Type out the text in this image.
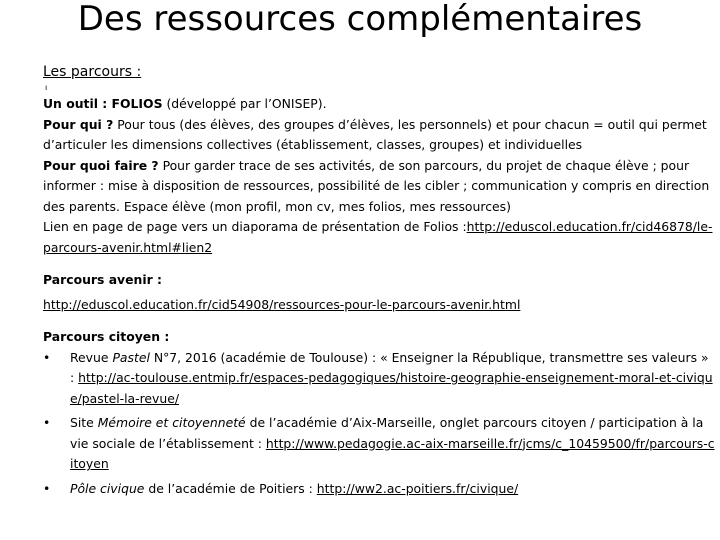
Des ressources complémentaires
Les parcours :
ı

Un outil : FOLIOS (développé par l’ONISEP).

Pour qui ? Pour tous (des élèves, des groupes d’élèves, les personnels) et pour chacun = outil qui permet d’articuler les dimensions collectives (établissement, classes, groupes) et individuelles

Pour quoi faire ? Pour garder trace de ses activités, de son parcours, du projet de chaque élève ; pour informer : mise à disposition de ressources, possibilité de les cibler ; communication y compris en direction des parents. Espace élève (mon profil, mon cv, mes folios, mes ressources)

Lien en page de page vers un diaporama de présentation de Folios :http://eduscol.education.fr/cid46878/le-parcours-avenir.html#lien2

Parcours avenir :

http://eduscol.education.fr/cid54908/ressources-pour-le-parcours-avenir.html

Parcours citoyen :

• Revue Pastel N°7, 2016 (académie de Toulouse) : « Enseigner la République, transmettre ses valeurs » : http://ac-toulouse.entmip.fr/espaces-pedagogiques/histoire-geographie-enseignement-moral-et-civique/pastel-la-revue/
• Site Mémoire et citoyenneté de l’académie d’Aix-Marseille, onglet parcours citoyen / participation à la vie sociale de l’établissement : http://www.pedagogie.ac-aix-marseille.fr/jcms/c_10459500/fr/parcours-citoyen
• Pôle civique de l’académie de Poitiers : http://ww2.ac-poitiers.fr/civique/
